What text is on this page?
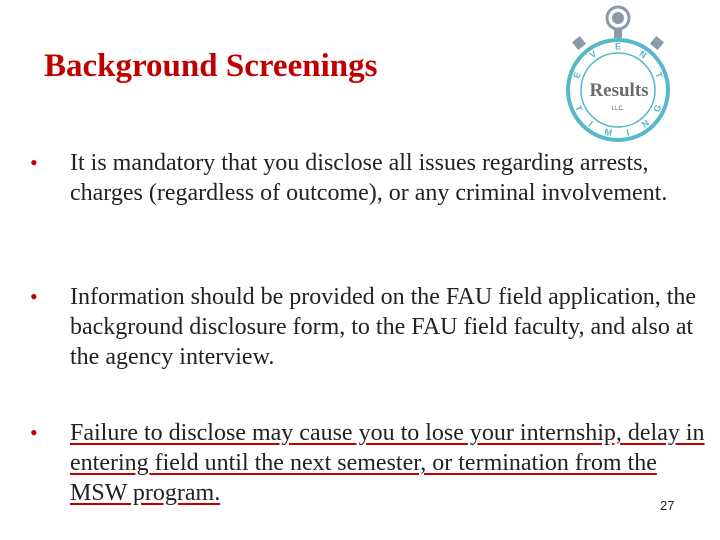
Background Screenings	E
V
E
N
T
T
I
M I
N
G
Results
LLC.
• It is mandatory that you disclose all issues regarding arrests, charges (regardless of outcome), or any criminal involvement.
• Information should be provided on the FAU field application, the background disclosure form, to the FAU field faculty, and also at the agency interview.
• Failure to disclose may cause you to lose your internship, delay in entering field until the next semester, or termination from the MSW program.	27
